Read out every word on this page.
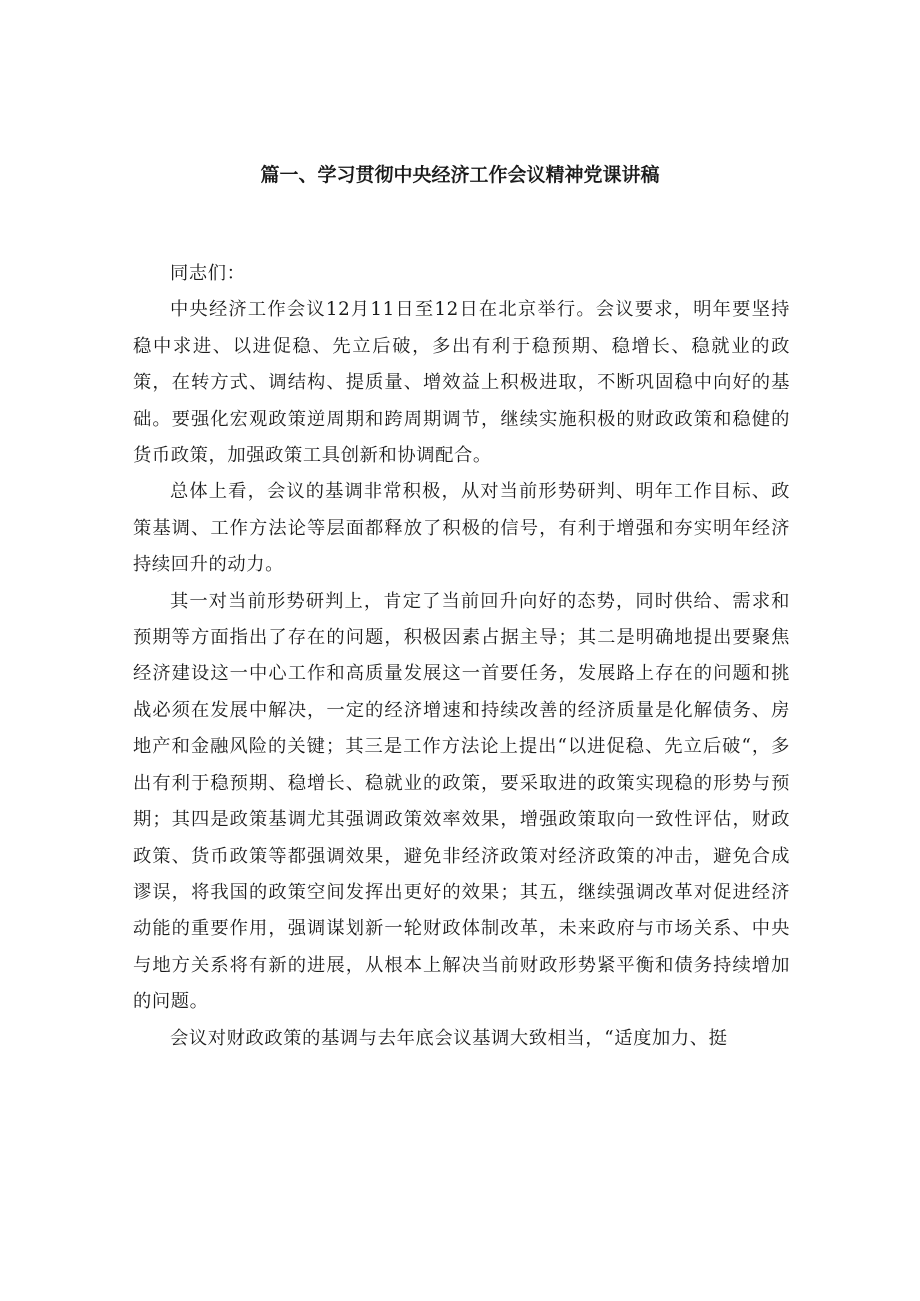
篇一、学习贯彻中央经济工作会议精神党课讲稿

同志们：

中央经济工作会议12月11日至12日在北京举行。会议要求，明年要坚持稳中求进、以进促稳、先立后破，多出有利于稳预期、稳增长、稳就业的政策，在转方式、调结构、提质量、增效益上积极进取，不断巩固稳中向好的基础。要强化宏观政策逆周期和跨周期调节，继续实施积极的财政政策和稳健的货币政策，加强政策工具创新和协调配合。

总体上看，会议的基调非常积极，从对当前形势研判、明年工作目标、政策基调、工作方法论等层面都释放了积极的信号，有利于增强和夯实明年经济持续回升的动力。

其一对当前形势研判上，肯定了当前回升向好的态势，同时供给、需求和预期等方面指出了存在的问题，积极因素占据主导；其二是明确地提出要聚焦经济建设这一中心工作和高质量发展这一首要任务，发展路上存在的问题和挑战必须在发展中解决，一定的经济增速和持续改善的经济质量是化解债务、房地产和金融风险的关键；其三是工作方法论上提出“以进促稳、先立后破“，多出有利于稳预期、稳增长、稳就业的政策，要采取进的政策实现稳的形势与预期；其四是政策基调尤其强调政策效率效果，增强政策取向一致性评估，财政政策、货币政策等都强调效果，避免非经济政策对经济政策的冲击，避免合成谬误，将我国的政策空间发挥出更好的效果；其五，继续强调改革对促进经济动能的重要作用，强调谋划新一轮财政体制改革，未来政府与市场关系、中央与地方关系将有新的进展，从根本上解决当前财政形势紧平衡和债务持续增加的问题。

会议对财政政策的基调与去年底会议基调大致相当，“适度加力、挺
